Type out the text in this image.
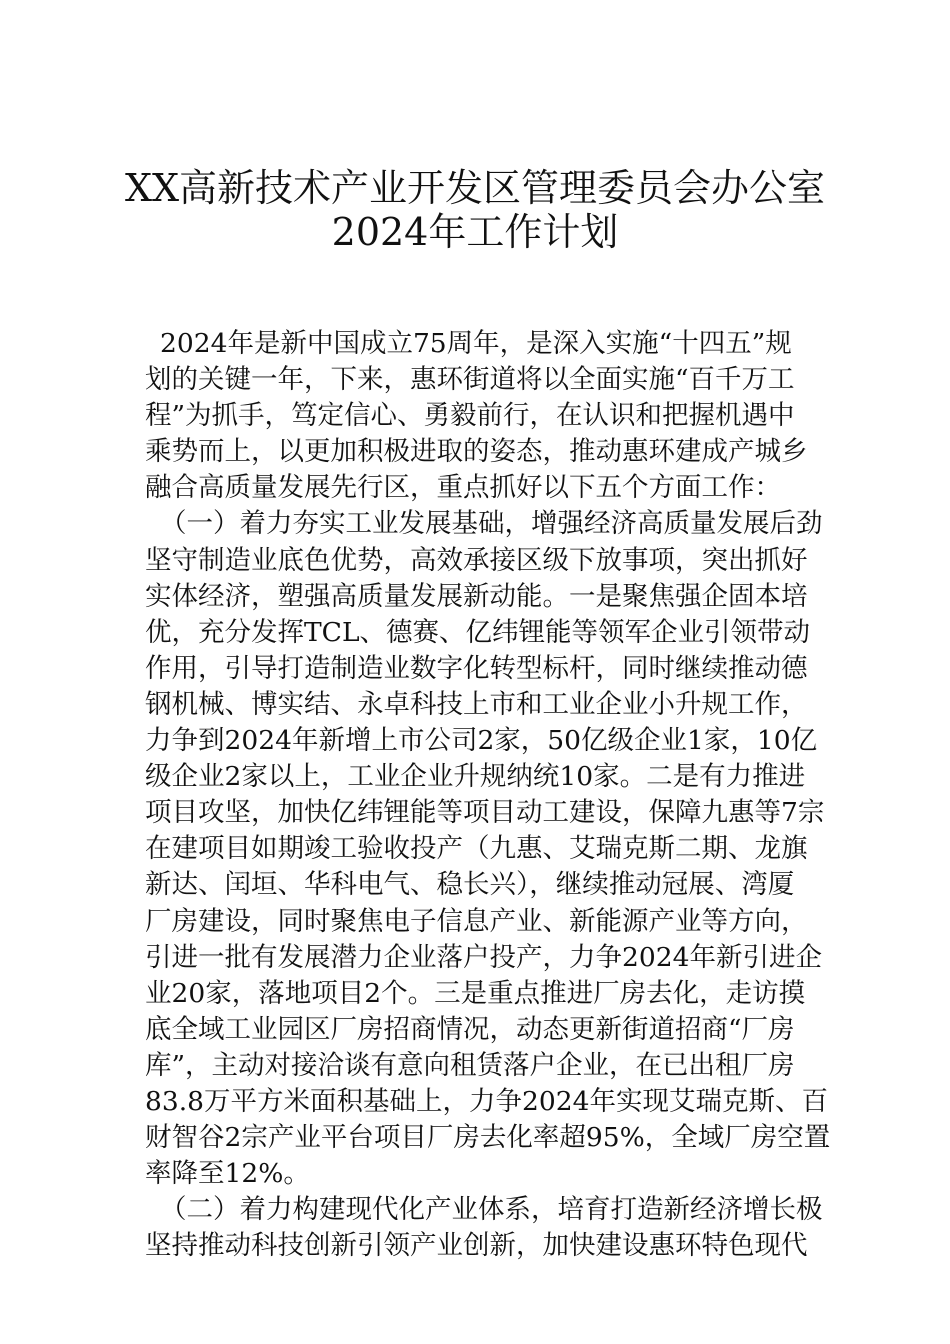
XX高新技术产业开发区管理委员会办公室
2024年工作计划

2024年是新中国成立75周年，是深入实施“十四五”规
划的关键一年，下来，惠环街道将以全面实施“百千万工
程”为抓手，笃定信心、勇毅前行，在认识和把握机遇中
乘势而上，以更加积极进取的姿态，推动惠环建成产城乡
融合高质量发展先行区，重点抓好以下五个方面工作：

（一）着力夯实工业发展基础，增强经济高质量发展后劲
坚守制造业底色优势，高效承接区级下放事项，突出抓好
实体经济，塑强高质量发展新动能。一是聚焦强企固本培
优，充分发挥TCL、德赛、亿纬锂能等领军企业引领带动
作用，引导打造制造业数字化转型标杆，同时继续推动德
钢机械、博实结、永卓科技上市和工业企业小升规工作，
力争到2024年新增上市公司2家，50亿级企业1家，10亿
级企业2家以上，工业企业升规纳统10家。二是有力推进
项目攻坚，加快亿纬锂能等项目动工建设，保障九惠等7宗
在建项目如期竣工验收投产（九惠、艾瑞克斯二期、龙旗
新达、闰垣、华科电气、稳长兴），继续推动冠展、湾厦
厂房建设，同时聚焦电子信息产业、新能源产业等方向，
引进一批有发展潜力企业落户投产，力争2024年新引进企
业20家，落地项目2个。三是重点推进厂房去化，走访摸
底全域工业园区厂房招商情况，动态更新街道招商“厂房
库”，主动对接洽谈有意向租赁落户企业，在已出租厂房
83.8万平方米面积基础上，力争2024年实现艾瑞克斯、百
财智谷2宗产业平台项目厂房去化率超95%，全域厂房空置
率降至12%。

（二）着力构建现代化产业体系，培育打造新经济增长极
坚持推动科技创新引领产业创新，加快建设惠环特色现代
